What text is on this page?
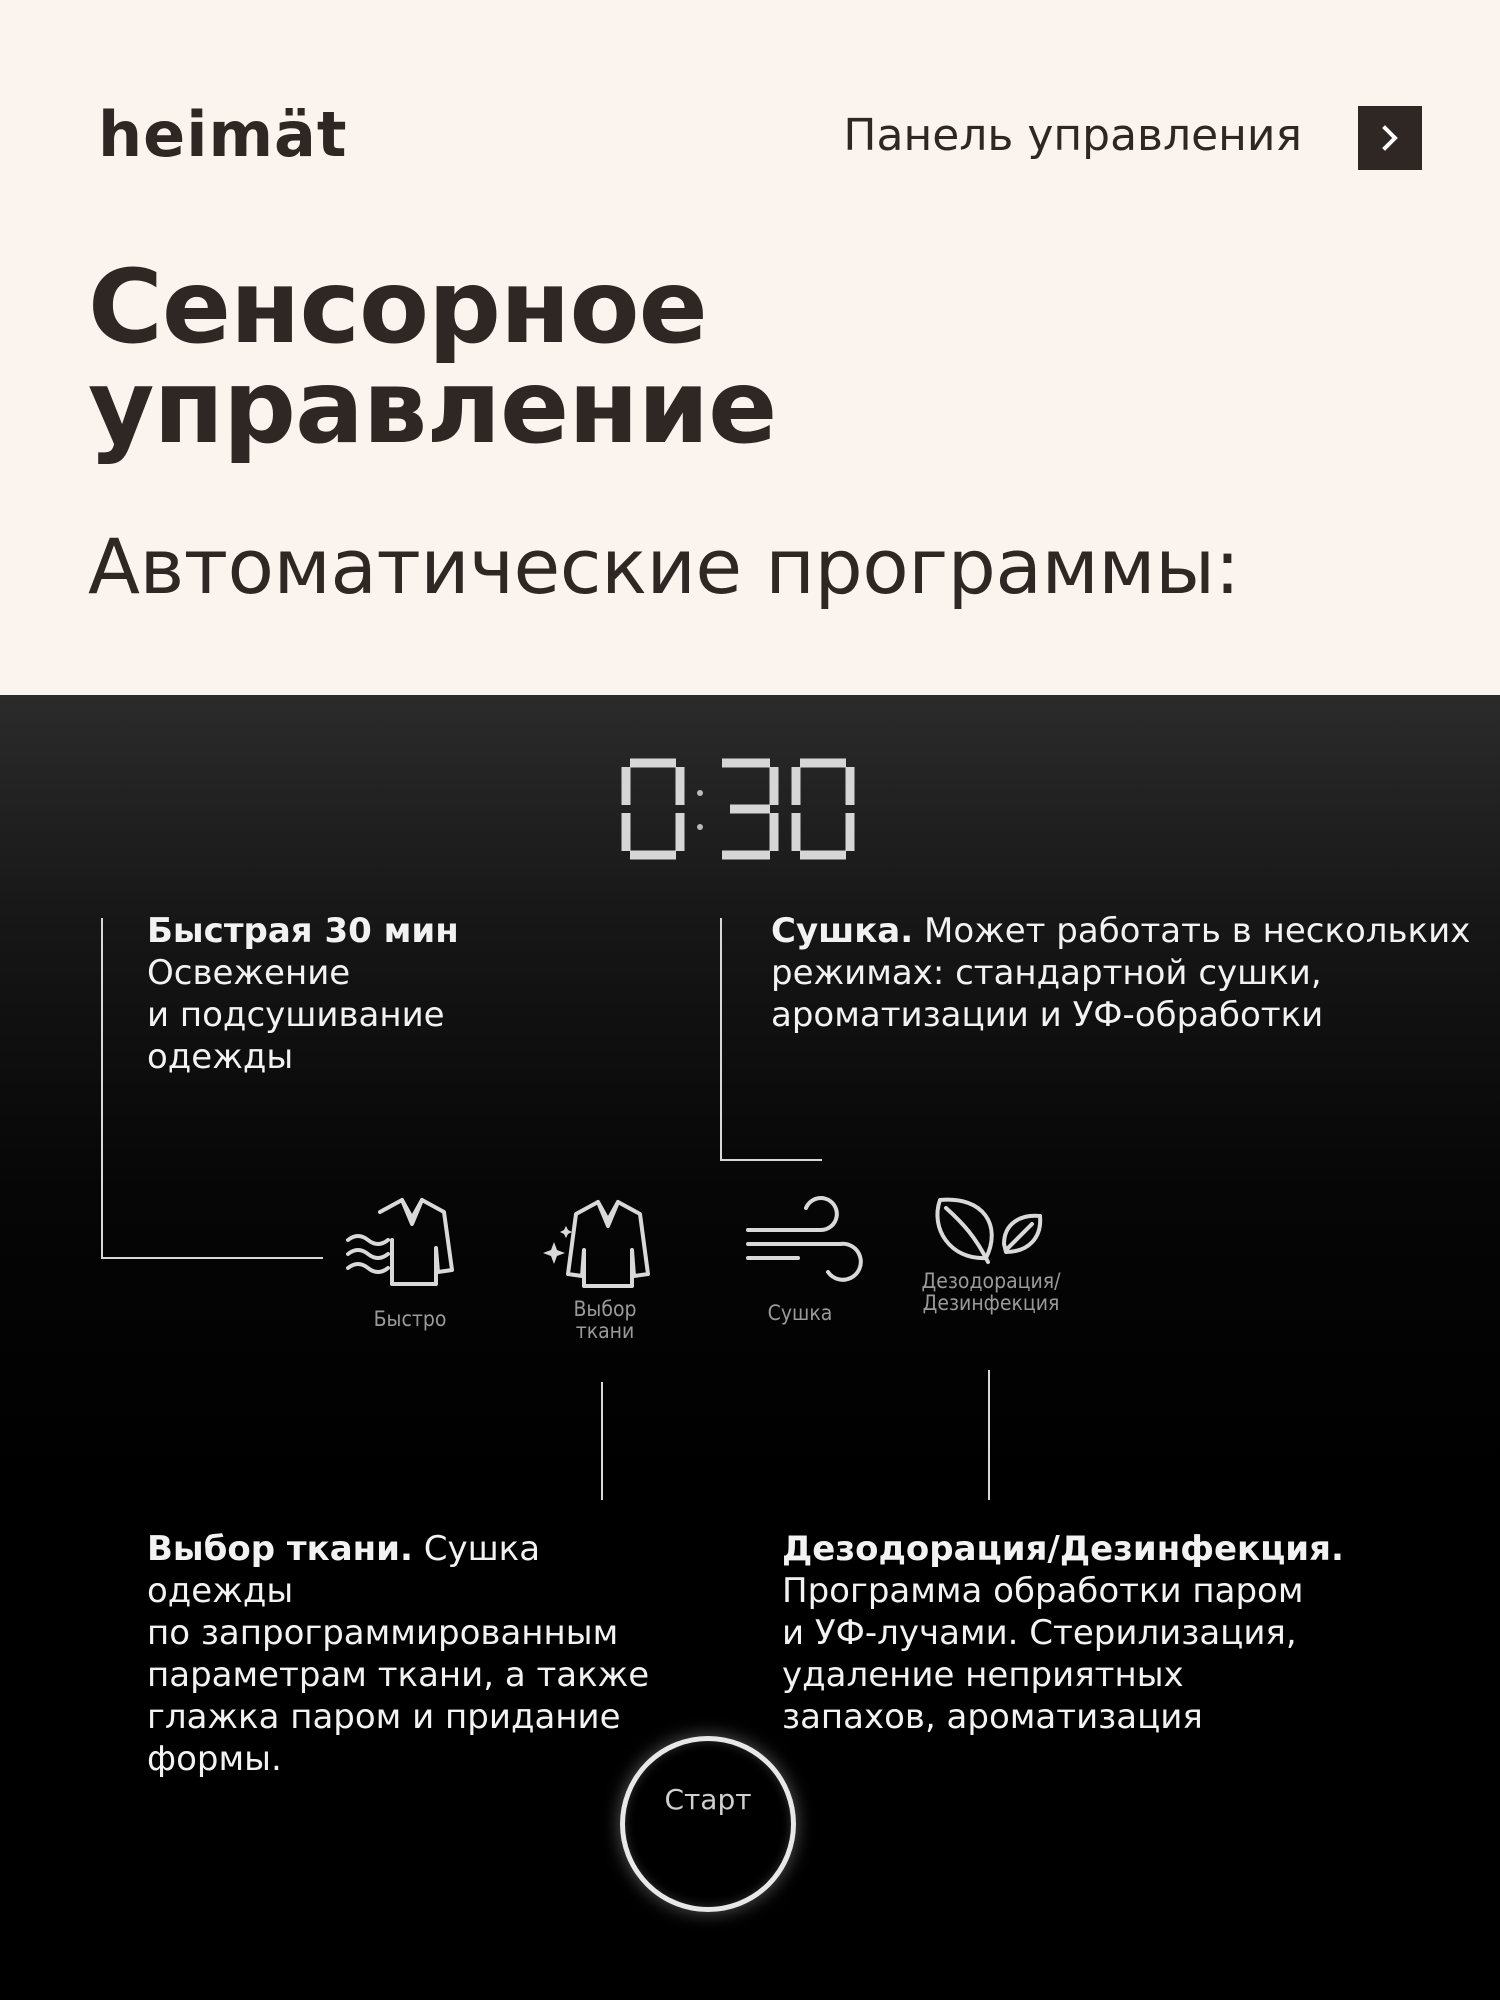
heimät	Панель управления
Сенсорное
управление
Автоматические программы:
Быстрая 30 мин
Освежение
и подсушивание
одежды
Сушка. Может работать в нескольких
режимах: стандартной сушки,
ароматизации и УФ-обработки
Быстро	Выбор
ткани
Сушка
Дезодорация/
Дезинфекция
Выбор ткани. Сушка одежды
по запрограммированным
параметрам ткани, а также
глажка паром и придание
формы.
Дезодорация/Дезинфекция.
Программа обработки паром
и УФ-лучами. Стерилизация,
удаление неприятных
запахов, ароматизация
Старт
